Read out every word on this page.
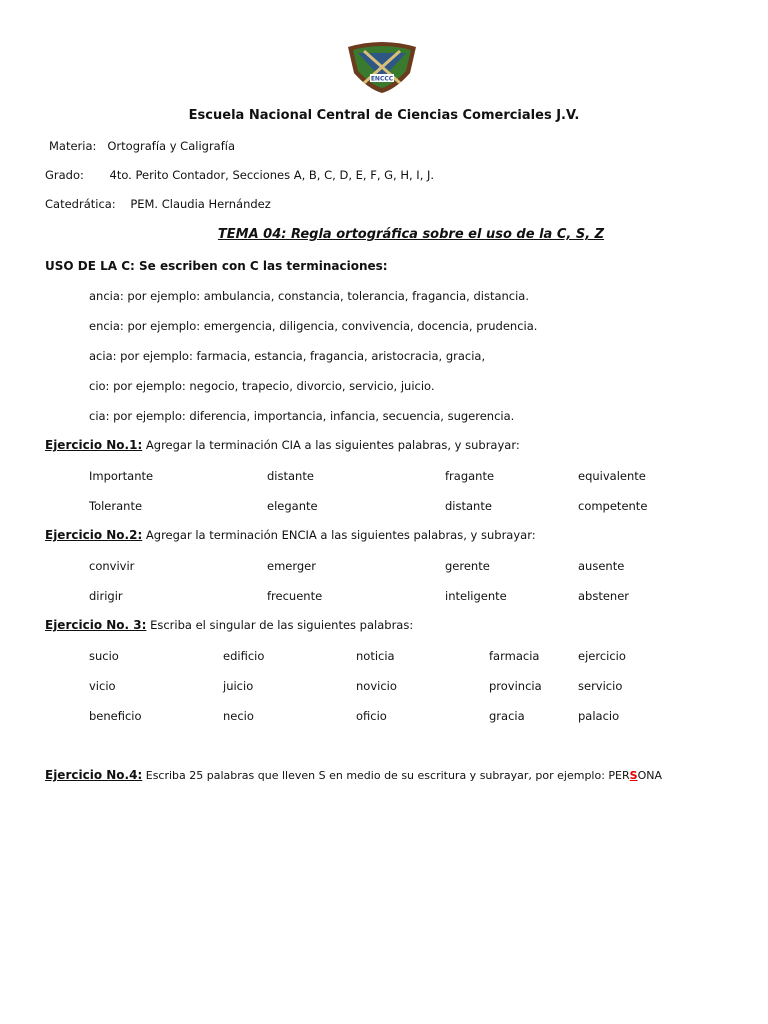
ENCCC
Escuela Nacional Central de Ciencias Comerciales J.V.
Materia: Ortografía y Caligrafía
Grado: 4to. Perito Contador, Secciones A, B, C, D, E, F, G, H, I, J.
Catedrática: PEM. Claudia Hernández
TEMA 04: Regla ortográfica sobre el uso de la C, S, Z
USO DE LA C: Se escriben con C las terminaciones:
ancia: por ejemplo: ambulancia, constancia, tolerancia, fragancia, distancia.
encia: por ejemplo: emergencia, diligencia, convivencia, docencia, prudencia.
acia: por ejemplo: farmacia, estancia, fragancia, aristocracia, gracia,
cio: por ejemplo: negocio, trapecio, divorcio, servicio, juicio.
cia: por ejemplo: diferencia, importancia, infancia, secuencia, sugerencia.
Ejercicio No.1: Agregar la terminación CIA a las siguientes palabras, y subrayar:
Importante	distante	fragante	equivalente
Tolerante	elegante	distante	competente
Ejercicio No.2: Agregar la terminación ENCIA a las siguientes palabras, y subrayar:
convivir	emerger	gerente	ausente
dirigir	frecuente	inteligente	abstener
Ejercicio No. 3: Escriba el singular de las siguientes palabras:
sucio	edificio	noticia	farmacia	ejercicio
vicio	juicio	novicio	provincia	servicio
beneficio	necio	oficio	gracia	palacio
Ejercicio No.4: Escriba 25 palabras que lleven S en medio de su escritura y subrayar, por ejemplo: PERSONA
